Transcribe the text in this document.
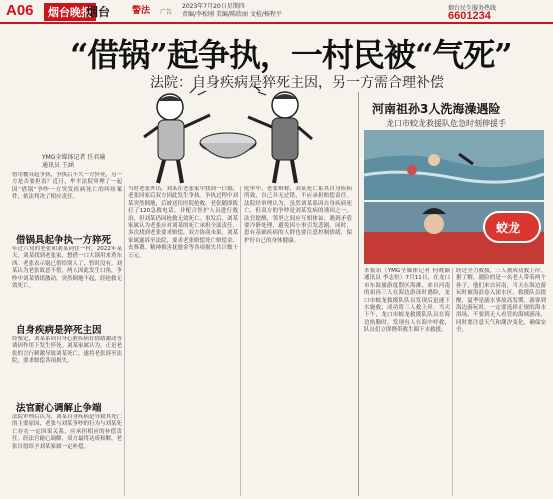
A06	烟台晚报
烟台 警法 广告
2023年7月20日星期四
责编/李松刚 美编/陈欣丽 文检/杨程平
烟台民生服务热线
6601234
“借锅”起争执，一村民被“气死”
法院：自身疾病是猝死主因，另一方需合理补偿
YMG全媒体记者 任君瑜
通讯员 王涵
借用餐具起争执，争执后不久一方猝死，另一方是否要担责？近日，牟平法院审理了一起因“借锅”争吵一方突发疾病死亡的纠纷案件，依法判决了相应责任。
借锅具起争执一方猝死
年过六旬的老张和刘某同住一村。2022年某天，刘某找到老张家，想借一口大锅用来煮东西。老张表示锅已借给别人了，暂时没有。刘某认为老张故意不借，两人因此发生口角，争吵中刘某情绪激动，突然倒地不起，经抢救无效死亡。
自身疾病是猝死主因
经鉴定，刘某系因自身心脏疾病在情绪激动等诱因作用下发生猝死。刘某家属认为，正是老张的言行刺激导致刘某死亡，遂将老张诉至法院，要求赔偿各项损失。
法官耐心调解止争端
法院审理后认为，刘某自身疾病是导致其死亡的主要原因，老张与刘某争吵的行为与刘某死亡存在一定因果关系，应承担相应的补偿责任。经法官耐心调解，双方最终达成和解，老张自愿给予刘某家属一定补偿。
当时老张外出，刘某在老张家中找到一口锅，老张回家后双方因此发生争执。争执过程中刘某突然倒地，后被送往医院抢救。老张随即拨打了120急救电话，并配合医护人员进行救治，但刘某仍因抢救无效死亡。事发后，刘某家属认为老张应对刘某的死亡承担全部责任，多次找到老张要求赔偿，双方协商未果。刘某家属遂诉至法院，要求老张赔偿死亡赔偿金、丧葬费、精神损害抚慰金等各项损失共计数十万元。
庭审中，老张辩称，刘某死亡系其自身疾病所致，自己并无过错，不应承担赔偿责任。法院经审理认为，虽然刘某系因自身疾病死亡，但双方的争吵是刘某发病的诱因之一。法官提醒，邻里之间应互相体谅，遇到矛盾要冷静处理，避免因小事引发悲剧。同时，患有基础疾病的人群也要注意控制情绪，保护好自己的身体健康。
河南祖孙3人洗海澡遇险
龙口市蛟龙救援队危急时刻伸援手
蛟龙
本报讯（YMG全媒体记者 何晓颖 通讯员 李志恒）7月11日，在龙口市东海旅游度假区海滩，来自河南的祖孙三人在海边游泳时遇险，龙口市蛟龙救援队队员发现后迅速下水施救，成功将三人救上岸。当天下午，龙口市蛟龙救援队队员在海边执勤时，发现有人在海中呼救，队员们立即携带救生圈下水救援。
经过全力救援，三人被成功救上岸。据了解，遇险的是一名老人带着两个孙子，他们来自河南，当天在海边游玩时被海浪卷入深水区。救援队员提醒，夏季是溺水事故高发期，游客到海边游玩时，一定要选择正规的海水浴场，不要到无人看管的海域游泳，同时要注意天气和潮汐变化，确保安全。
